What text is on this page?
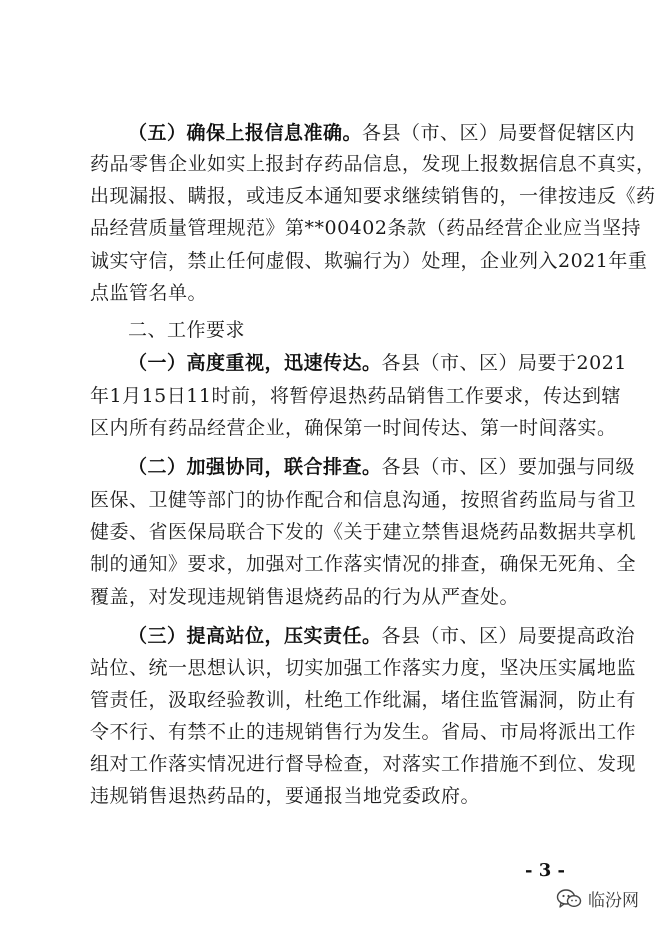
（五）确保上报信息准确。各县（市、区）局要督促辖区内
药品零售企业如实上报封存药品信息，发现上报数据信息不真实，
出现漏报、瞒报，或违反本通知要求继续销售的，一律按违反《药
品经营质量管理规范》第**00402条款（药品经营企业应当坚持
诚实守信，禁止任何虚假、欺骗行为）处理，企业列入2021年重
点监管名单。
二、工作要求
（一）高度重视，迅速传达。各县（市、区）局要于2021
年1月15日11时前，将暂停退热药品销售工作要求，传达到辖
区内所有药品经营企业，确保第一时间传达、第一时间落实。
（二）加强协同，联合排查。各县（市、区）要加强与同级
医保、卫健等部门的协作配合和信息沟通，按照省药监局与省卫
健委、省医保局联合下发的《关于建立禁售退烧药品数据共享机
制的通知》要求，加强对工作落实情况的排查，确保无死角、全
覆盖，对发现违规销售退烧药品的行为从严查处。
（三）提高站位，压实责任。各县（市、区）局要提高政治
站位、统一思想认识，切实加强工作落实力度，坚决压实属地监
管责任，汲取经验教训，杜绝工作纰漏，堵住监管漏洞，防止有
令不行、有禁不止的违规销售行为发生。省局、市局将派出工作
组对工作落实情况进行督导检查，对落实工作措施不到位、发现
违规销售退热药品的，要通报当地党委政府。
- 3 -
临汾网
